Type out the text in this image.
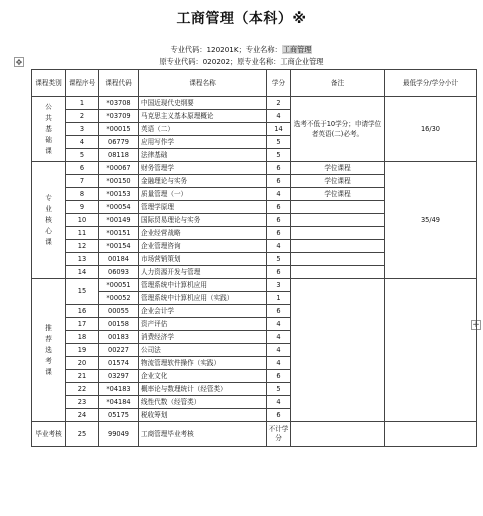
工商管理（本科）※
专业代码：120201K；专业名称：工商管理
原专业代码：020202；原专业名称：工商企业管理
✥
+
课程类别	课程序号	课程代码	课程名称	学分	备注	最低学分/学分小计
公共基础课	1	*03708	中国近现代史纲要	2	选考不低于10学分；申请学位者英语(二)必考。	16/30
	2	*03709	马克思主义基本原理概论	4		
	3	*00015	英语（二）	14		
	4	06779	应用写作学	5		
	5	08118	法律基础	5		
专业核心课	6	*00067	财务管理学	6	学位课程	35/49
	7	*00150	金融理论与实务	6	学位课程	
	8	*00153	质量管理（一）	4	学位课程	
	9	*00054	管理学原理	6		
	10	*00149	国际贸易理论与实务	6		
	11	*00151	企业经营战略	6		
	12	*00154	企业管理咨询	4		
	13	00184	市场营销策划	5		
	14	06093	人力资源开发与管理	6		
推荐选考课	15	*00051	管理系统中计算机应用	3		
		*00052	管理系统中计算机应用（实践）	1		
	16	00055	企业会计学	6		
	17	00158	资产评估	4		
	18	00183	消费经济学	4		
	19	00227	公司法	4		
	20	01574	物流管理软件操作（实践）	4		
	21	03297	企业文化	6		
	22	*04183	概率论与数理统计（经管类）	5		
	23	*04184	线性代数（经管类）	4		
	24	05175	税收筹划	6		
毕业考核	25	99049	工商管理毕业考核	不计学分		
